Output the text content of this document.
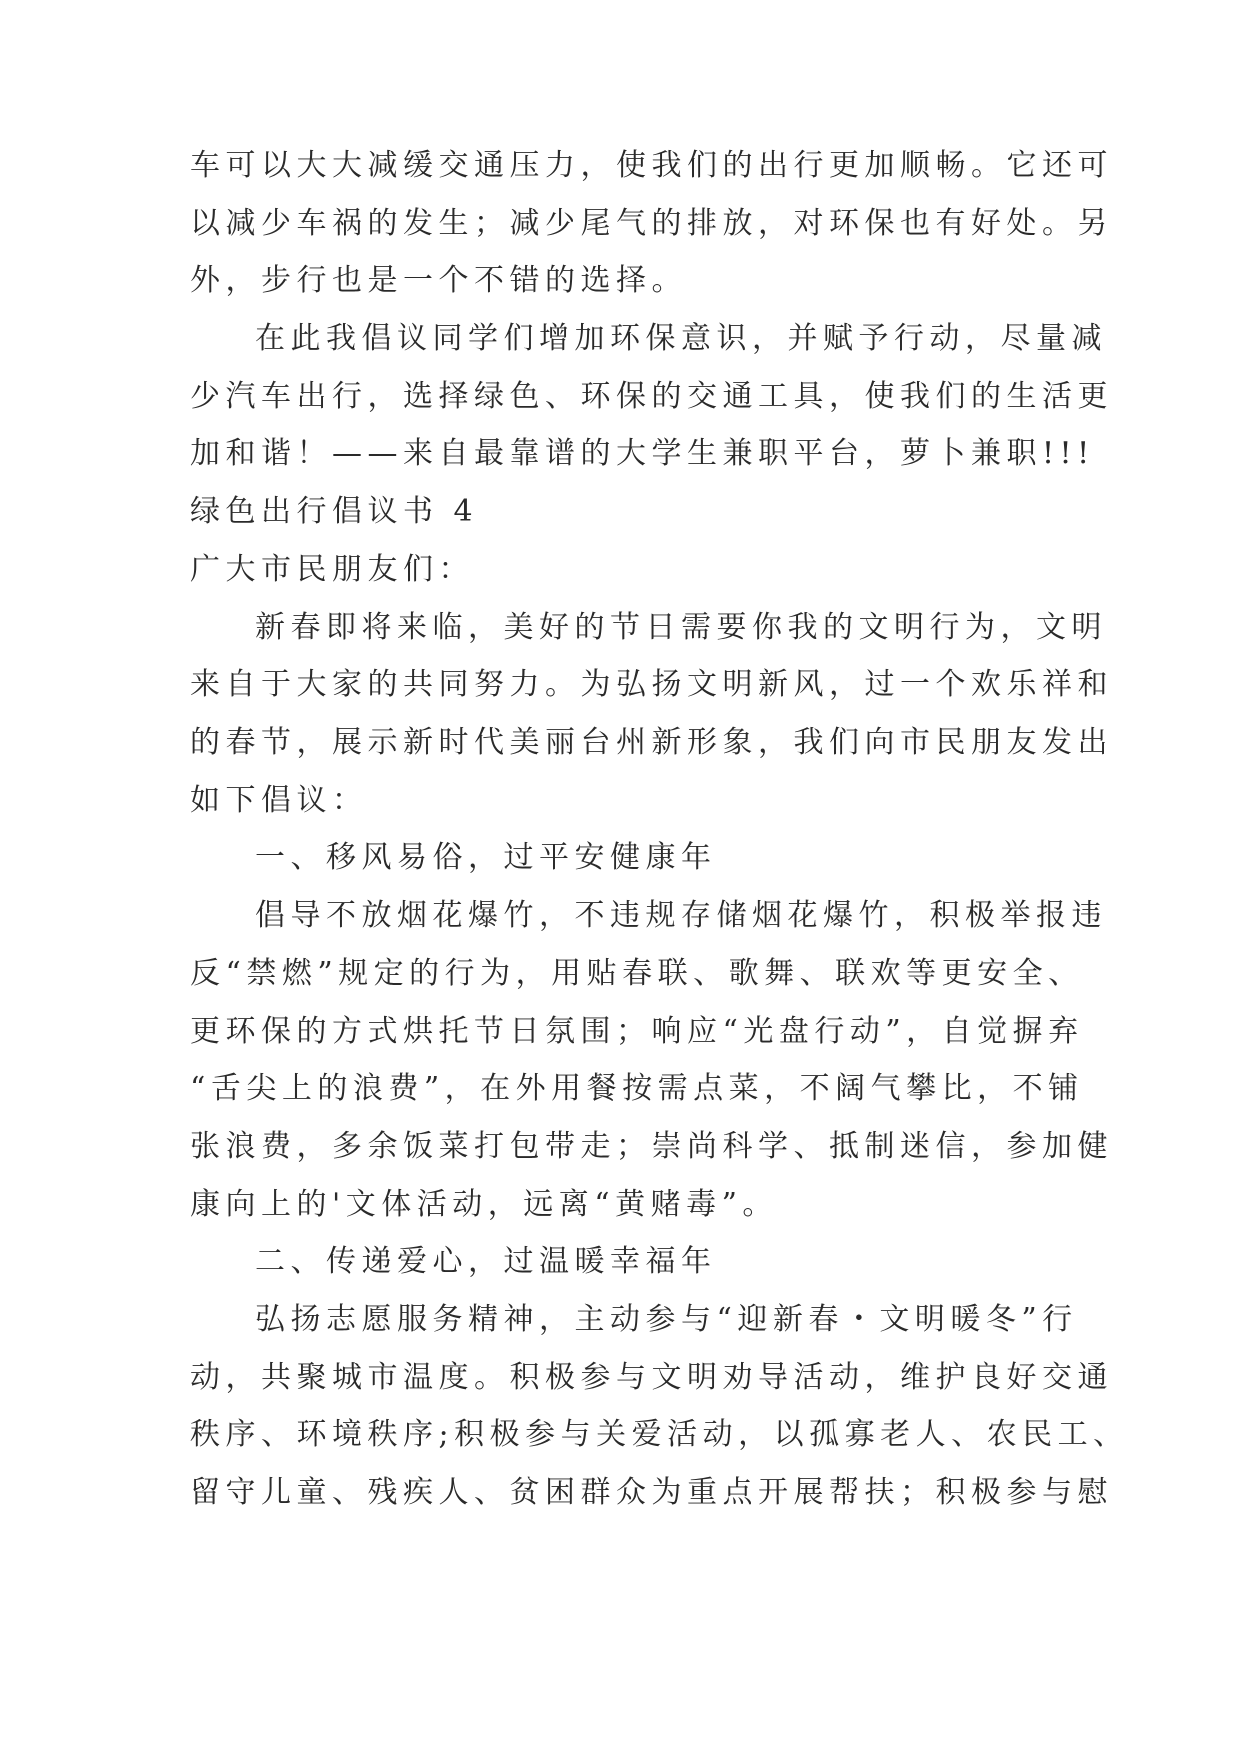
车可以大大减缓交通压力，使我们的出行更加顺畅。它还可
以减少车祸的发生；减少尾气的排放，对环保也有好处。另
外，步行也是一个不错的选择。
在此我倡议同学们增加环保意识，并赋予行动，尽量减
少汽车出行，选择绿色、环保的交通工具，使我们的生活更
加和谐！——来自最靠谱的大学生兼职平台，萝卜兼职!!!
绿色出行倡议书 4
广大市民朋友们：
新春即将来临，美好的节日需要你我的文明行为，文明
来自于大家的共同努力。为弘扬文明新风，过一个欢乐祥和
的春节，展示新时代美丽台州新形象，我们向市民朋友发出
如下倡议：
一、移风易俗，过平安健康年
倡导不放烟花爆竹，不违规存储烟花爆竹，积极举报违
反“禁燃”规定的行为，用贴春联、歌舞、联欢等更安全、
更环保的方式烘托节日氛围；响应“光盘行动”，自觉摒弃
“舌尖上的浪费”，在外用餐按需点菜，不阔气攀比，不铺
张浪费，多余饭菜打包带走；崇尚科学、抵制迷信，参加健
康向上的'文体活动，远离“黄赌毒”。
二、传递爱心，过温暖幸福年
弘扬志愿服务精神，主动参与“迎新春・文明暖冬”行
动，共聚城市温度。积极参与文明劝导活动，维护良好交通
秩序、环境秩序;积极参与关爱活动，以孤寡老人、农民工、
留守儿童、残疾人、贫困群众为重点开展帮扶；积极参与慰
